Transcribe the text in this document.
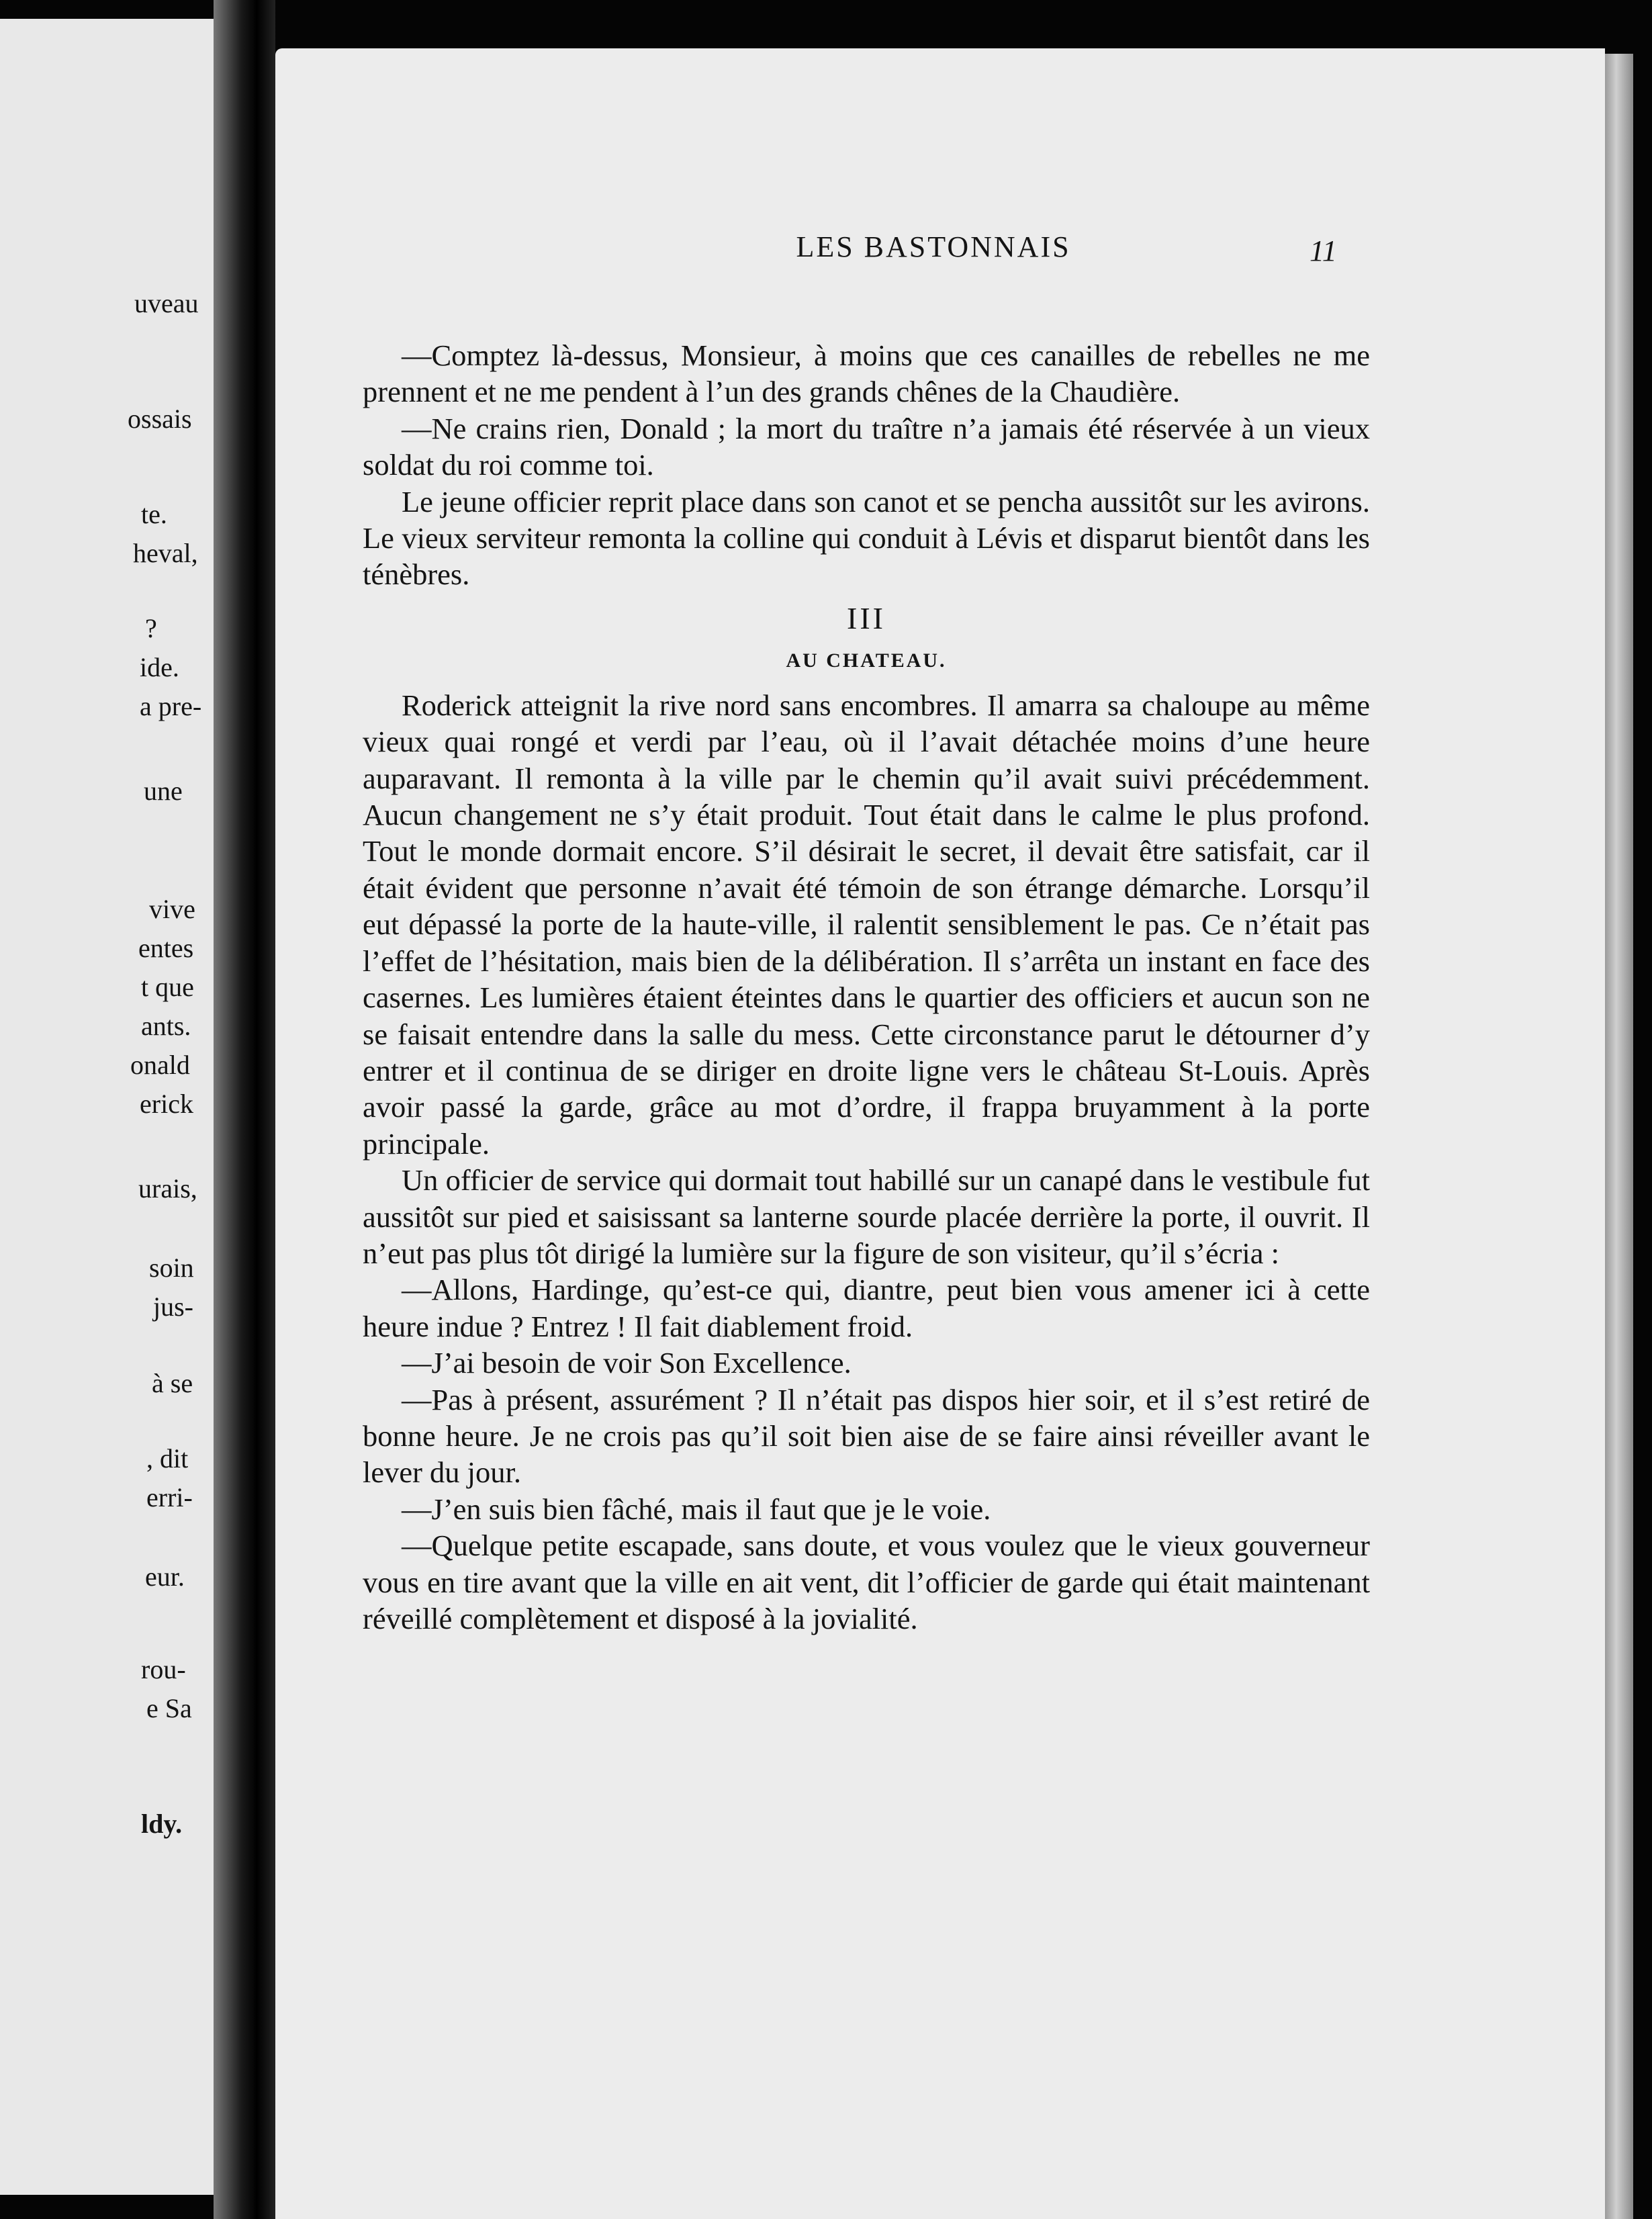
uveau
ossais
te.
heval,
?
ide.
a pre-
une
vive
entes
t que
ants.
onald
erick
urais,
soin
jus-
à se
, dit
erri-
eur.
rou-
e Sa
ldy.
LES BASTONNAIS	11

—Comptez là-dessus, Monsieur, à moins que ces canailles de rebelles ne me prennent et ne me pendent à l’un des grands chênes de la Chaudière.

—Ne crains rien, Donald ; la mort du traître n’a jamais été réservée à un vieux soldat du roi comme toi.

Le jeune officier reprit place dans son canot et se pencha aussitôt sur les avirons. Le vieux serviteur remonta la colline qui conduit à Lévis et disparut bientôt dans les ténèbres.

III

AU CHATEAU.

Roderick atteignit la rive nord sans encombres. Il amarra sa chaloupe au même vieux quai rongé et verdi par l’eau, où il l’avait détachée moins d’une heure auparavant. Il remonta à la ville par le chemin qu’il avait suivi précédemment. Aucun changement ne s’y était produit. Tout était dans le calme le plus profond. Tout le monde dormait encore. S’il désirait le secret, il devait être satisfait, car il était évident que personne n’avait été témoin de son étrange démarche. Lorsqu’il eut dépassé la porte de la haute-ville, il ralentit sensiblement le pas. Ce n’était pas l’effet de l’hésitation, mais bien de la délibération. Il s’arrêta un instant en face des casernes. Les lumières étaient éteintes dans le quartier des officiers et aucun son ne se faisait entendre dans la salle du mess. Cette circonstance parut le détourner d’y entrer et il continua de se diriger en droite ligne vers le château St-Louis. Après avoir passé la garde, grâce au mot d’ordre, il frappa bruyamment à la porte principale.

Un officier de service qui dormait tout habillé sur un canapé dans le vestibule fut aussitôt sur pied et saisissant sa lanterne sourde placée derrière la porte, il ouvrit. Il n’eut pas plus tôt dirigé la lumière sur la figure de son visiteur, qu’il s’écria :

—Allons, Hardinge, qu’est-ce qui, diantre, peut bien vous amener ici à cette heure indue ? Entrez ! Il fait diablement froid.

—J’ai besoin de voir Son Excellence.

—Pas à présent, assurément ? Il n’était pas dispos hier soir, et il s’est retiré de bonne heure. Je ne crois pas qu’il soit bien aise de se faire ainsi réveiller avant le lever du jour.

—J’en suis bien fâché, mais il faut que je le voie.

—Quelque petite escapade, sans doute, et vous voulez que le vieux gouverneur vous en tire avant que la ville en ait vent, dit l’officier de garde qui était maintenant réveillé complètement et disposé à la jovialité.
